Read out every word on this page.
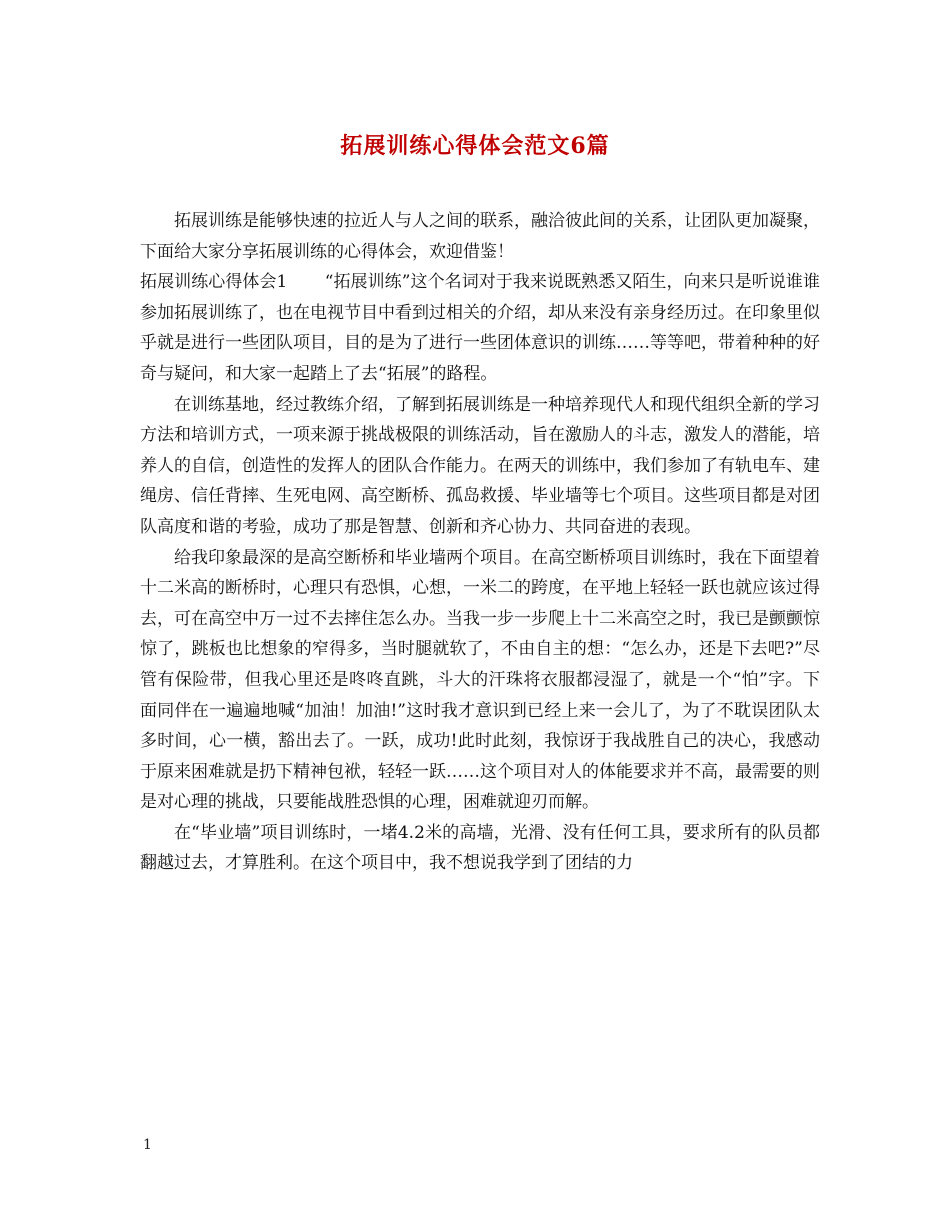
拓展训练心得体会范文6篇

拓展训练是能够快速的拉近人与人之间的联系，融洽彼此间的关系，让团队更加凝聚，下面给大家分享拓展训练的心得体会，欢迎借鉴！

拓展训练心得体会1 “拓展训练”这个名词对于我来说既熟悉又陌生，向来只是听说谁谁参加拓展训练了，也在电视节目中看到过相关的介绍，却从来没有亲身经历过。在印象里似乎就是进行一些团队项目，目的是为了进行一些团体意识的训练……等等吧，带着种种的好奇与疑问，和大家一起踏上了去“拓展”的路程。

在训练基地，经过教练介绍，了解到拓展训练是一种培养现代人和现代组织全新的学习方法和培训方式，一项来源于挑战极限的训练活动，旨在激励人的斗志，激发人的潜能，培养人的自信，创造性的发挥人的团队合作能力。在两天的训练中，我们参加了有轨电车、建绳房、信任背摔、生死电网、高空断桥、孤岛救援、毕业墙等七个项目。这些项目都是对团队高度和谐的考验，成功了那是智慧、创新和齐心协力、共同奋进的表现。

给我印象最深的是高空断桥和毕业墙两个项目。在高空断桥项目训练时，我在下面望着十二米高的断桥时，心理只有恐惧，心想，一米二的跨度，在平地上轻轻一跃也就应该过得去，可在高空中万一过不去摔住怎么办。当我一步一步爬上十二米高空之时，我已是颤颤惊惊了，跳板也比想象的窄得多，当时腿就软了，不由自主的想：“怎么办，还是下去吧?”尽管有保险带，但我心里还是咚咚直跳，斗大的汗珠将衣服都浸湿了，就是一个“怕”字。下面同伴在一遍遍地喊“加油！加油!”这时我才意识到已经上来一会儿了，为了不耽误团队太多时间，心一横，豁出去了。一跃，成功!此时此刻，我惊讶于我战胜自己的决心，我感动于原来困难就是扔下精神包袱，轻轻一跃……这个项目对人的体能要求并不高，最需要的则是对心理的挑战，只要能战胜恐惧的心理，困难就迎刃而解。

在“毕业墙”项目训练时，一堵4.2米的高墙，光滑、没有任何工具，要求所有的队员都翻越过去，才算胜利。在这个项目中，我不想说我学到了团结的力

1
